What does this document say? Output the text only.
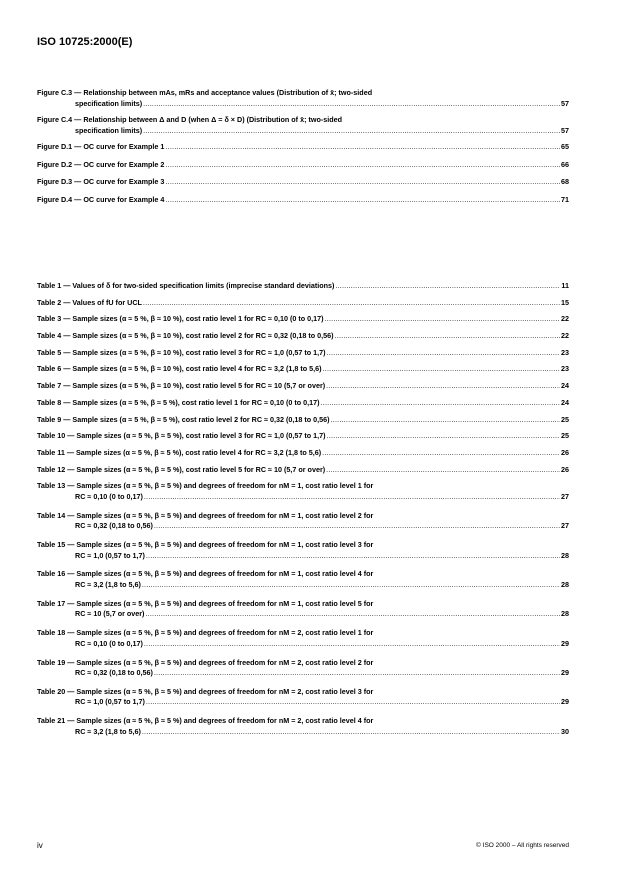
ISO 10725:2000(E)
Figure C.3 — Relationship between mAs, mRs and acceptance values (Distribution of x̄; two-sided
specification limits) .....	57
Figure C.4 — Relationship between Δ and D (when Δ = δ × D) (Distribution of x̄; two-sided
specification limits) .....	57
Figure D.1 — OC curve for Example 1 .....	65
Figure D.2 — OC curve for Example 2 .....	66
Figure D.3 — OC curve for Example 3 .....	68
Figure D.4 — OC curve for Example 4 .....	71
Table 1 — Values of δ for two-sided specification limits (imprecise standard deviations) .....	11
Table 2 — Values of fU for UCL .....	15
Table 3 — Sample sizes (α ≈ 5 %, β ≈ 10 %), cost ratio level 1 for RC ≈ 0,10 (0 to 0,17) .....	22
Table 4 — Sample sizes (α ≈ 5 %, β ≈ 10 %), cost ratio level 2 for RC ≈ 0,32 (0,18 to 0,56) .....	22
Table 5 — Sample sizes (α ≈ 5 %, β ≈ 10 %), cost ratio level 3 for RC ≈ 1,0 (0,57 to 1,7) .....	23
Table 6 — Sample sizes (α ≈ 5 %, β ≈ 10 %), cost ratio level 4 for RC ≈ 3,2 (1,8 to 5,6) .....	23
Table 7 — Sample sizes (α ≈ 5 %, β ≈ 10 %), cost ratio level 5 for RC ≈ 10 (5,7 or over) .....	24
Table 8 — Sample sizes (α ≈ 5 %, β ≈ 5 %), cost ratio level 1 for RC ≈ 0,10 (0 to 0,17) .....	24
Table 9 — Sample sizes (α ≈ 5 %, β ≈ 5 %), cost ratio level 2 for RC ≈ 0,32 (0,18 to 0,56) .....	25
Table 10 — Sample sizes (α ≈ 5 %, β ≈ 5 %), cost ratio level 3 for RC ≈ 1,0 (0,57 to 1,7) .....	25
Table 11 — Sample sizes (α ≈ 5 %, β ≈ 5 %), cost ratio level 4 for RC ≈ 3,2 (1,8 to 5,6) .....	26
Table 12 — Sample sizes (α ≈ 5 %, β ≈ 5 %), cost ratio level 5 for RC ≈ 10 (5,7 or over) .....	26
Table 13 — Sample sizes (α ≈ 5 %, β ≈ 5 %) and degrees of freedom for nM = 1, cost ratio level 1 for
RC ≈ 0,10 (0 to 0,17) .....	27
Table 14 — Sample sizes (α ≈ 5 %, β ≈ 5 %) and degrees of freedom for nM = 1, cost ratio level 2 for
RC ≈ 0,32 (0,18 to 0,56) .....	27
Table 15 — Sample sizes (α ≈ 5 %, β ≈ 5 %) and degrees of freedom for nM = 1, cost ratio level 3 for
RC ≈ 1,0 (0,57 to 1,7) .....	28
Table 16 — Sample sizes (α ≈ 5 %, β ≈ 5 %) and degrees of freedom for nM = 1, cost ratio level 4 for
RC ≈ 3,2 (1,8 to 5,6) .....	28
Table 17 — Sample sizes (α ≈ 5 %, β ≈ 5 %) and degrees of freedom for nM = 1, cost ratio level 5 for
RC ≈ 10 (5,7 or over) .....	28
Table 18 — Sample sizes (α ≈ 5 %, β ≈ 5 %) and degrees of freedom for nM = 2, cost ratio level 1 for
RC ≈ 0,10 (0 to 0,17) .....	29
Table 19 — Sample sizes (α ≈ 5 %, β ≈ 5 %) and degrees of freedom for nM = 2, cost ratio level 2 for
RC ≈ 0,32 (0,18 to 0,56) .....	29
Table 20 — Sample sizes (α ≈ 5 %, β ≈ 5 %) and degrees of freedom for nM = 2, cost ratio level 3 for
RC ≈ 1,0 (0,57 to 1,7) .....	29
Table 21 — Sample sizes (α ≈ 5 %, β ≈ 5 %) and degrees of freedom for nM = 2, cost ratio level 4 for
RC ≈ 3,2 (1,8 to 5,6) .....	30
iv	© ISO 2000 – All rights reserved
